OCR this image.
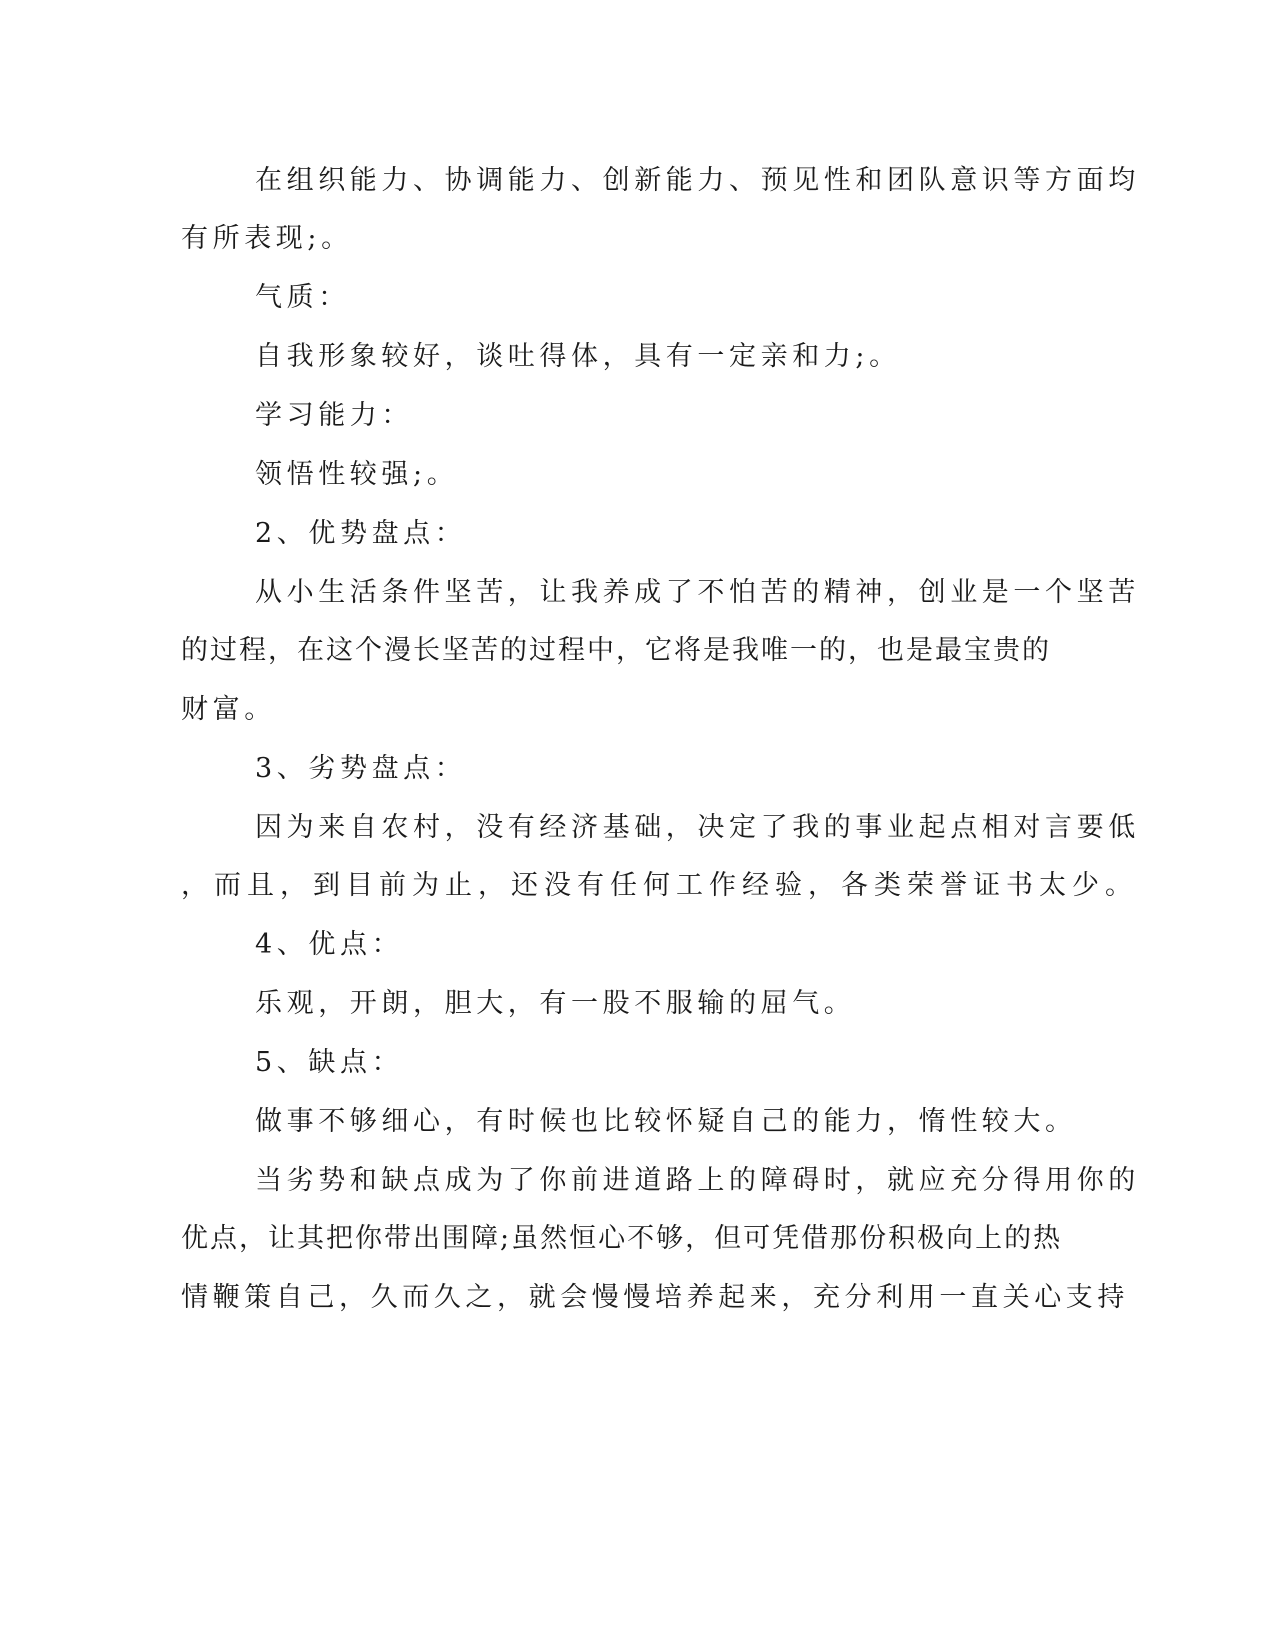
在组织能力、协调能力、创新能力、预见性和团队意识等方面均
有所表现;。
气质：
自我形象较好，谈吐得体，具有一定亲和力;。
学习能力：
领悟性较强;。
2、优势盘点：
从小生活条件坚苦，让我养成了不怕苦的精神，创业是一个坚苦
的过程，在这个漫长坚苦的过程中，它将是我唯一的，也是最宝贵的
财富。
3、劣势盘点：
因为来自农村，没有经济基础，决定了我的事业起点相对言要低
，而且，到目前为止，还没有任何工作经验，各类荣誉证书太少。
4、优点：
乐观，开朗，胆大，有一股不服输的屈气。
5、缺点：
做事不够细心，有时候也比较怀疑自己的能力，惰性较大。
当劣势和缺点成为了你前进道路上的障碍时，就应充分得用你的
优点，让其把你带出围障;虽然恒心不够，但可凭借那份积极向上的热
情鞭策自己，久而久之，就会慢慢培养起来，充分利用一直关心支持
